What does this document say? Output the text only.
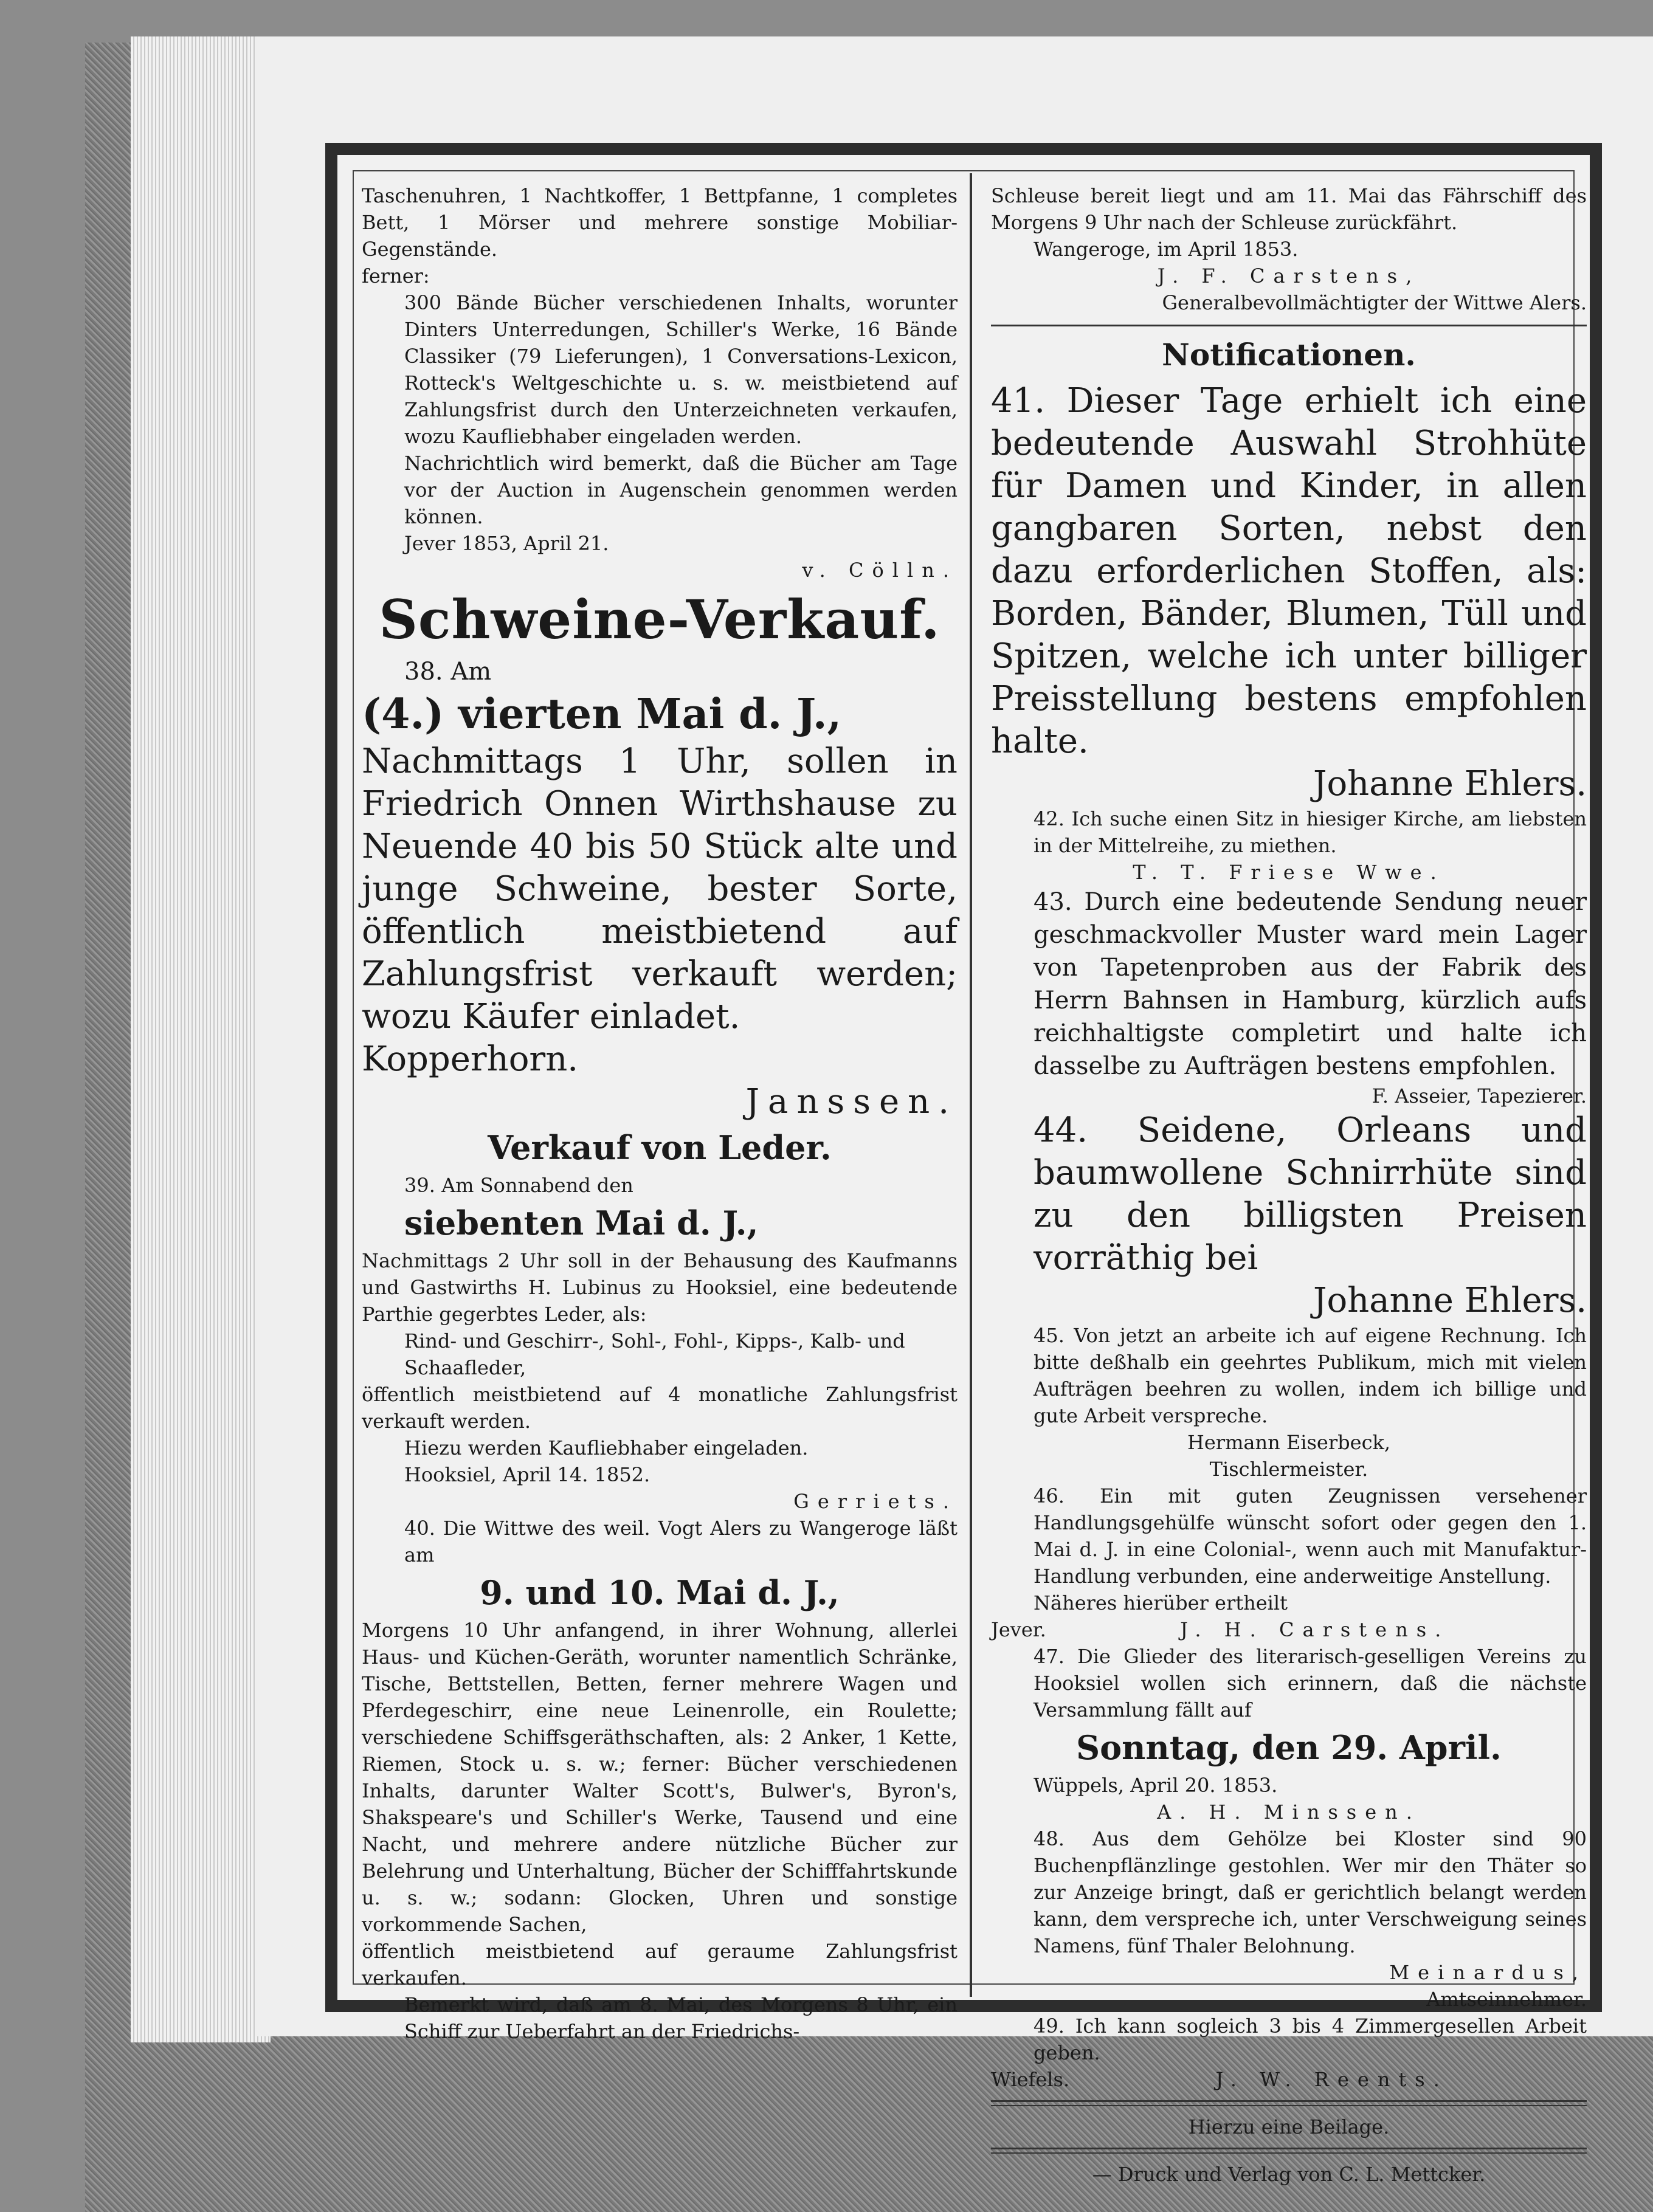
Taschenuhren, 1 Nachtkoffer, 1 Bettpfanne, 1 completes Bett, 1 Mörser und mehrere sonstige Mobiliar-Gegenstände.

ferner:

300 Bände Bücher verschiedenen Inhalts, worunter Dinters Unterredungen, Schiller's Werke, 16 Bände Classiker (79 Lieferungen), 1 Conversations-Lexicon, Rotteck's Weltgeschichte u. s. w. meistbietend auf Zahlungsfrist durch den Unterzeichneten verkaufen, wozu Kaufliebhaber eingeladen werden.

Nachrichtlich wird bemerkt, daß die Bücher am Tage vor der Auction in Augenschein genommen werden können.

Jever 1853, April 21.

v. Cölln.

Schweine-Verkauf.

38. Am

(4.) vierten Mai d. J.,

Nachmittags 1 Uhr, sollen in Friedrich Onnen Wirthshause zu Neuende 40 bis 50 Stück alte und junge Schweine, bester Sorte, öffentlich meistbietend auf Zahlungsfrist verkauft werden; wozu Käufer einladet.

Kopperhorn.

Janssen.

Verkauf von Leder.

39. Am Sonnabend den

siebenten Mai d. J.,

Nachmittags 2 Uhr soll in der Behausung des Kaufmanns und Gastwirths H. Lubinus zu Hooksiel, eine bedeutende Parthie gegerbtes Leder, als:

Rind- und Geschirr-, Sohl-, Fohl-, Kipps-, Kalb- und Schaafleder,

öffentlich meistbietend auf 4 monatliche Zahlungsfrist verkauft werden.

Hiezu werden Kaufliebhaber eingeladen.

Hooksiel, April 14. 1852.

Gerriets.

40. Die Wittwe des weil. Vogt Alers zu Wangeroge läßt am

9. und 10. Mai d. J.,

Morgens 10 Uhr anfangend, in ihrer Wohnung, allerlei Haus- und Küchen-Geräth, worunter namentlich Schränke, Tische, Bettstellen, Betten, ferner mehrere Wagen und Pferdegeschirr, eine neue Leinenrolle, ein Roulette; verschiedene Schiffsgeräthschaften, als: 2 Anker, 1 Kette, Riemen, Stock u. s. w.; ferner: Bücher verschiedenen Inhalts, darunter Walter Scott's, Bulwer's, Byron's, Shakspeare's und Schiller's Werke, Tausend und eine Nacht, und mehrere andere nützliche Bücher zur Belehrung und Unterhaltung, Bücher der Schifffahrtskunde u. s. w.; sodann: Glocken, Uhren und sonstige vorkommende Sachen,

öffentlich meistbietend auf geraume Zahlungsfrist verkaufen.

Bemerkt wird, daß am 8. Mai, des Morgens 8 Uhr, ein Schiff zur Ueberfahrt an der Friedrichs-

Schleuse bereit liegt und am 11. Mai das Fährschiff des Morgens 9 Uhr nach der Schleuse zurückfährt.

Wangeroge, im April 1853.

J. F. Carstens,

Generalbevollmächtigter der Wittwe Alers.

Notificationen.

41. Dieser Tage erhielt ich eine bedeutende Auswahl Strohhüte für Damen und Kinder, in allen gangbaren Sorten, nebst den dazu erforderlichen Stoffen, als: Borden, Bänder, Blumen, Tüll und Spitzen, welche ich unter billiger Preisstellung bestens empfohlen halte.

Johanne Ehlers.

42. Ich suche einen Sitz in hiesiger Kirche, am liebsten in der Mittelreihe, zu miethen.

T. T. Friese Wwe.

43. Durch eine bedeutende Sendung neuer geschmackvoller Muster ward mein Lager von Tapetenproben aus der Fabrik des Herrn Bahnsen in Hamburg, kürzlich aufs reichhaltigste completirt und halte ich dasselbe zu Aufträgen bestens empfohlen.

F. Asseier, Tapezierer.

44. Seidene, Orleans und baumwollene Schnirrhüte sind zu den billigsten Preisen vorräthig bei

Johanne Ehlers.

45. Von jetzt an arbeite ich auf eigene Rechnung. Ich bitte deßhalb ein geehrtes Publikum, mich mit vielen Aufträgen beehren zu wollen, indem ich billige und gute Arbeit verspreche.

Hermann Eiserbeck,

Tischlermeister.

46. Ein mit guten Zeugnissen versehener Handlungsgehülfe wünscht sofort oder gegen den 1. Mai d. J. in eine Colonial-, wenn auch mit Manufaktur-Handlung verbunden, eine anderweitige Anstellung.

Näheres hierüber ertheilt

Jever.	J. H. Carstens.

47. Die Glieder des literarisch-geselligen Vereins zu Hooksiel wollen sich erinnern, daß die nächste Versammlung fällt auf

Sonntag, den 29. April.

Wüppels, April 20. 1853.

A. H. Minssen.

48. Aus dem Gehölze bei Kloster sind 90 Buchenpflänzlinge gestohlen. Wer mir den Thäter so zur Anzeige bringt, daß er gerichtlich belangt werden kann, dem verspreche ich, unter Verschweigung seines Namens, fünf Thaler Belohnung.

Meinardus,

Amtseinnehmer.

49. Ich kann sogleich 3 bis 4 Zimmergesellen Arbeit geben.

Wiefels.	J. W. Reents.

Hierzu eine Beilage.

— Druck und Verlag von C. L. Mettcker.
